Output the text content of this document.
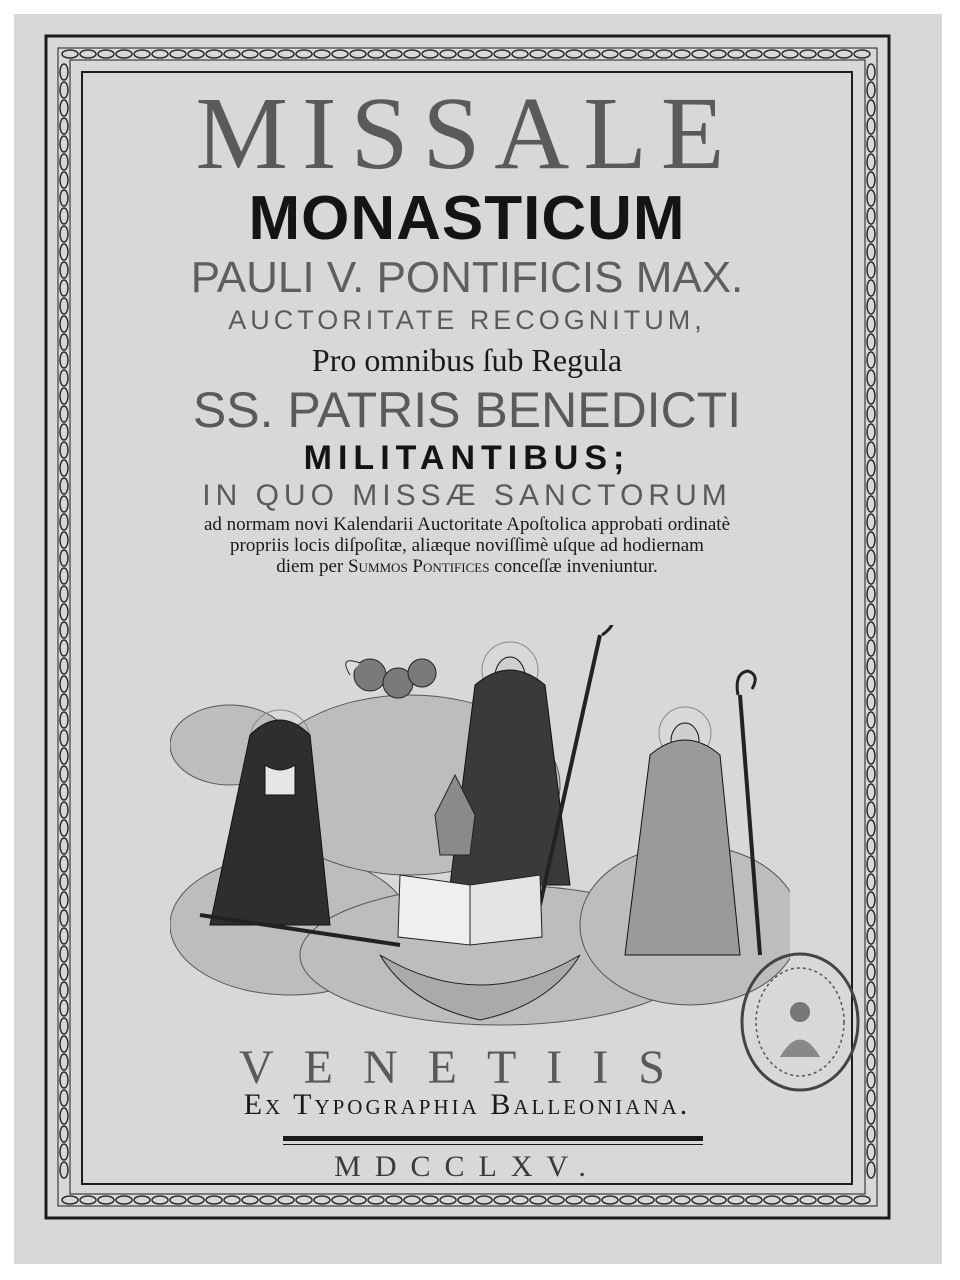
MISSALE
MONASTICUM
PAULI V. PONTIFICIS MAX.
AUCTORITATE RECOGNITUM,
Pro omnibus ſub Regula
SS. PATRIS BENEDICTI
MILITANTIBUS;
IN QUO MISSÆ SANCTORUM
ad normam novi Kalendarii Auctoritate Apoſtolica approbati ordinatè
propriis locis diſpoſitæ, aliæque noviſſimè uſque ad hodiernam
diem per Summos Pontifices conceſſæ inveniuntur.
VENETIIS
Ex Typographia Balleoniana.
MDCCLXV.
